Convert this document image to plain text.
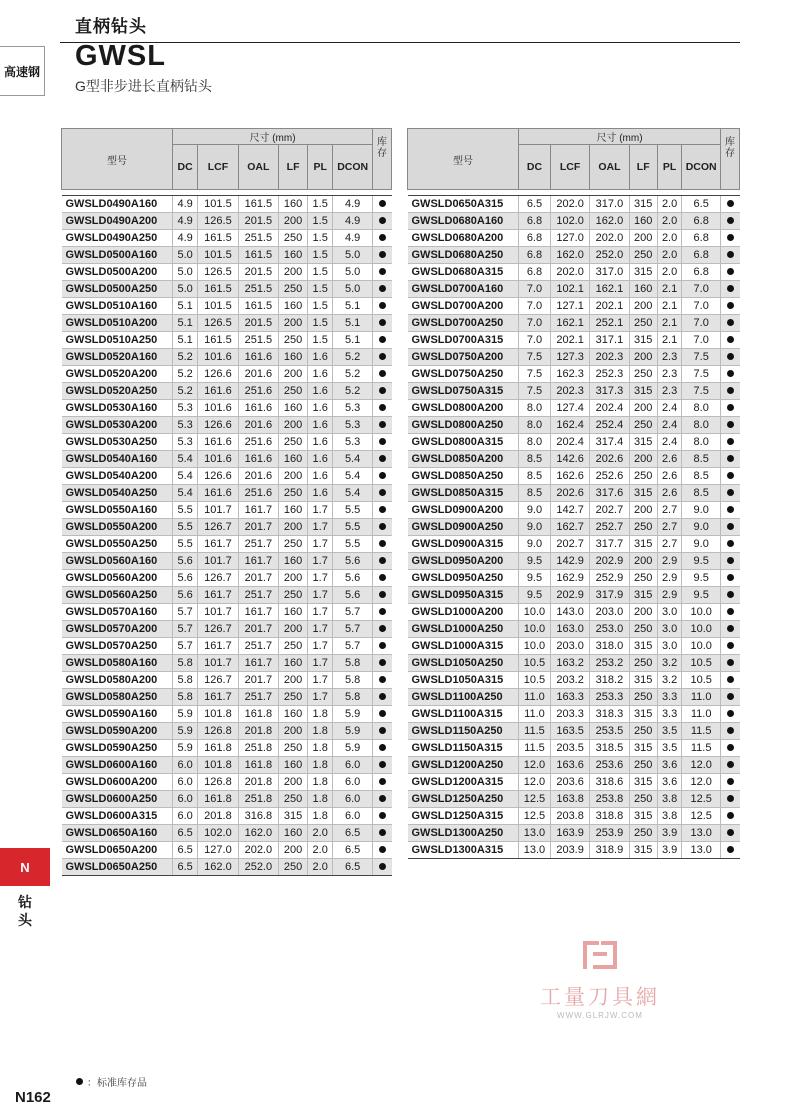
直柄钻头
高速钢 GWSL
G型非步进长直柄钻头
型号	尺寸 (mm)						库存
	DC	LCF	OAL	LF	PL	DCON	

GWSLD0490A160	4.9	101.5	161.5	160	1.5	4.9	
GWSLD0490A200	4.9	126.5	201.5	200	1.5	4.9	
GWSLD0490A250	4.9	161.5	251.5	250	1.5	4.9	
GWSLD0500A160	5.0	101.5	161.5	160	1.5	5.0	
GWSLD0500A200	5.0	126.5	201.5	200	1.5	5.0	
GWSLD0500A250	5.0	161.5	251.5	250	1.5	5.0	
GWSLD0510A160	5.1	101.5	161.5	160	1.5	5.1	
GWSLD0510A200	5.1	126.5	201.5	200	1.5	5.1	
GWSLD0510A250	5.1	161.5	251.5	250	1.5	5.1	
GWSLD0520A160	5.2	101.6	161.6	160	1.6	5.2	
GWSLD0520A200	5.2	126.6	201.6	200	1.6	5.2	
GWSLD0520A250	5.2	161.6	251.6	250	1.6	5.2	
GWSLD0530A160	5.3	101.6	161.6	160	1.6	5.3	
GWSLD0530A200	5.3	126.6	201.6	200	1.6	5.3	
GWSLD0530A250	5.3	161.6	251.6	250	1.6	5.3	
GWSLD0540A160	5.4	101.6	161.6	160	1.6	5.4	
GWSLD0540A200	5.4	126.6	201.6	200	1.6	5.4	
GWSLD0540A250	5.4	161.6	251.6	250	1.6	5.4	
GWSLD0550A160	5.5	101.7	161.7	160	1.7	5.5	
GWSLD0550A200	5.5	126.7	201.7	200	1.7	5.5	
GWSLD0550A250	5.5	161.7	251.7	250	1.7	5.5	
GWSLD0560A160	5.6	101.7	161.7	160	1.7	5.6	
GWSLD0560A200	5.6	126.7	201.7	200	1.7	5.6	
GWSLD0560A250	5.6	161.7	251.7	250	1.7	5.6	
GWSLD0570A160	5.7	101.7	161.7	160	1.7	5.7	
GWSLD0570A200	5.7	126.7	201.7	200	1.7	5.7	
GWSLD0570A250	5.7	161.7	251.7	250	1.7	5.7	
GWSLD0580A160	5.8	101.7	161.7	160	1.7	5.8	
GWSLD0580A200	5.8	126.7	201.7	200	1.7	5.8	
GWSLD0580A250	5.8	161.7	251.7	250	1.7	5.8	
GWSLD0590A160	5.9	101.8	161.8	160	1.8	5.9	
GWSLD0590A200	5.9	126.8	201.8	200	1.8	5.9	
GWSLD0590A250	5.9	161.8	251.8	250	1.8	5.9	
GWSLD0600A160	6.0	101.8	161.8	160	1.8	6.0	
GWSLD0600A200	6.0	126.8	201.8	200	1.8	6.0	
GWSLD0600A250	6.0	161.8	251.8	250	1.8	6.0	
GWSLD0600A315	6.0	201.8	316.8	315	1.8	6.0	
GWSLD0650A160	6.5	102.0	162.0	160	2.0	6.5	
GWSLD0650A200	6.5	127.0	202.0	200	2.0	6.5	
GWSLD0650A250	6.5	162.0	252.0	250	2.0	6.5	
型号	尺寸 (mm)						库存
	DC	LCF	OAL	LF	PL	DCON	

GWSLD0650A315	6.5	202.0	317.0	315	2.0	6.5	
GWSLD0680A160	6.8	102.0	162.0	160	2.0	6.8	
GWSLD0680A200	6.8	127.0	202.0	200	2.0	6.8	
GWSLD0680A250	6.8	162.0	252.0	250	2.0	6.8	
GWSLD0680A315	6.8	202.0	317.0	315	2.0	6.8	
GWSLD0700A160	7.0	102.1	162.1	160	2.1	7.0	
GWSLD0700A200	7.0	127.1	202.1	200	2.1	7.0	
GWSLD0700A250	7.0	162.1	252.1	250	2.1	7.0	
GWSLD0700A315	7.0	202.1	317.1	315	2.1	7.0	
GWSLD0750A200	7.5	127.3	202.3	200	2.3	7.5	
GWSLD0750A250	7.5	162.3	252.3	250	2.3	7.5	
GWSLD0750A315	7.5	202.3	317.3	315	2.3	7.5	
GWSLD0800A200	8.0	127.4	202.4	200	2.4	8.0	
GWSLD0800A250	8.0	162.4	252.4	250	2.4	8.0	
GWSLD0800A315	8.0	202.4	317.4	315	2.4	8.0	
GWSLD0850A200	8.5	142.6	202.6	200	2.6	8.5	
GWSLD0850A250	8.5	162.6	252.6	250	2.6	8.5	
GWSLD0850A315	8.5	202.6	317.6	315	2.6	8.5	
GWSLD0900A200	9.0	142.7	202.7	200	2.7	9.0	
GWSLD0900A250	9.0	162.7	252.7	250	2.7	9.0	
GWSLD0900A315	9.0	202.7	317.7	315	2.7	9.0	
GWSLD0950A200	9.5	142.9	202.9	200	2.9	9.5	
GWSLD0950A250	9.5	162.9	252.9	250	2.9	9.5	
GWSLD0950A315	9.5	202.9	317.9	315	2.9	9.5	
GWSLD1000A200	10.0	143.0	203.0	200	3.0	10.0	
GWSLD1000A250	10.0	163.0	253.0	250	3.0	10.0	
GWSLD1000A315	10.0	203.0	318.0	315	3.0	10.0	
GWSLD1050A250	10.5	163.2	253.2	250	3.2	10.5	
GWSLD1050A315	10.5	203.2	318.2	315	3.2	10.5	
GWSLD1100A250	11.0	163.3	253.3	250	3.3	11.0	
GWSLD1100A315	11.0	203.3	318.3	315	3.3	11.0	
GWSLD1150A250	11.5	163.5	253.5	250	3.5	11.5	
GWSLD1150A315	11.5	203.5	318.5	315	3.5	11.5	
GWSLD1200A250	12.0	163.6	253.6	250	3.6	12.0	
GWSLD1200A315	12.0	203.6	318.6	315	3.6	12.0	
GWSLD1250A250	12.5	163.8	253.8	250	3.8	12.5	
GWSLD1250A315	12.5	203.8	318.8	315	3.8	12.5	
GWSLD1300A250	13.0	163.9	253.9	250	3.9	13.0	
GWSLD1300A315	13.0	203.9	318.9	315	3.9	13.0	
N
钻头
工量刀具網
WWW.GLRJW.COM
：标准库存品
N162
